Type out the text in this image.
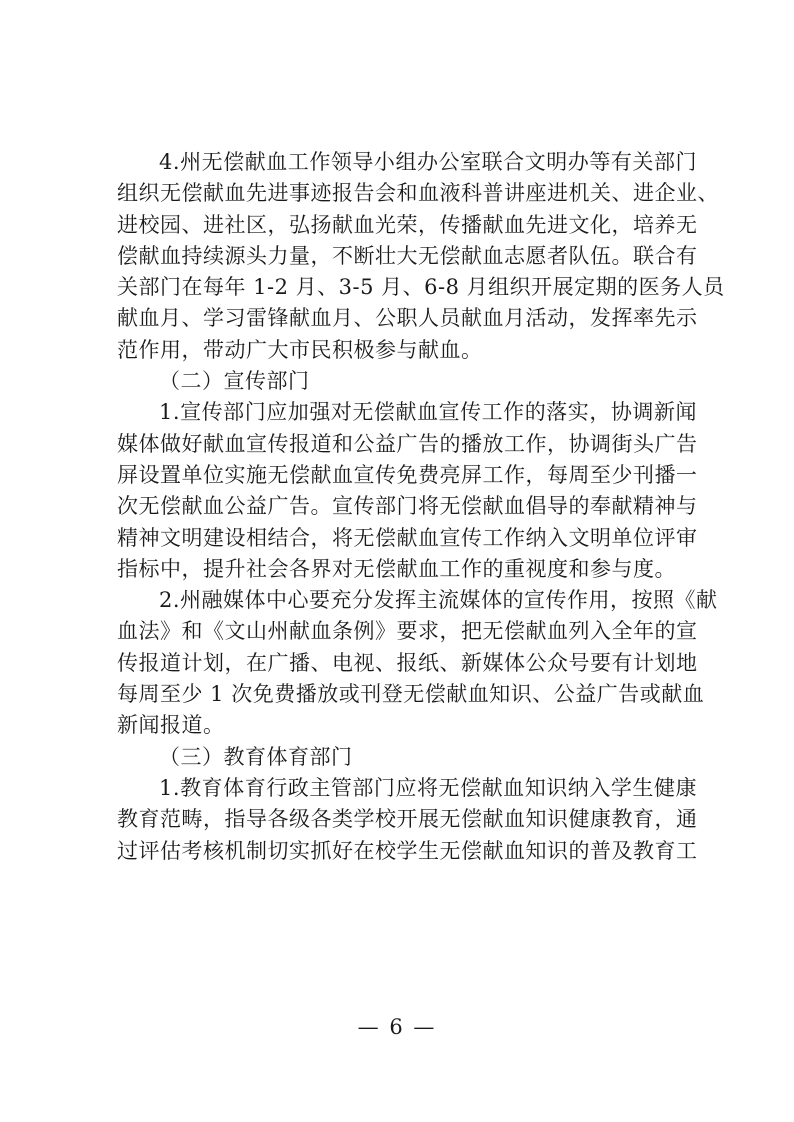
4.州无偿献血工作领导小组办公室联合文明办等有关部门
组织无偿献血先进事迹报告会和血液科普讲座进机关、进企业、
进校园、进社区，弘扬献血光荣，传播献血先进文化，培养无
偿献血持续源头力量，不断壮大无偿献血志愿者队伍。联合有
关部门在每年 1-2 月、3-5 月、6-8 月组织开展定期的医务人员
献血月、学习雷锋献血月、公职人员献血月活动，发挥率先示
范作用，带动广大市民积极参与献血。
（二）宣传部门
1.宣传部门应加强对无偿献血宣传工作的落实，协调新闻
媒体做好献血宣传报道和公益广告的播放工作，协调街头广告
屏设置单位实施无偿献血宣传免费亮屏工作，每周至少刊播一
次无偿献血公益广告。宣传部门将无偿献血倡导的奉献精神与
精神文明建设相结合，将无偿献血宣传工作纳入文明单位评审
指标中，提升社会各界对无偿献血工作的重视度和参与度。
2.州融媒体中心要充分发挥主流媒体的宣传作用，按照《献
血法》和《文山州献血条例》要求，把无偿献血列入全年的宣
传报道计划，在广播、电视、报纸、新媒体公众号要有计划地
每周至少 1 次免费播放或刊登无偿献血知识、公益广告或献血
新闻报道。
（三）教育体育部门
1.教育体育行政主管部门应将无偿献血知识纳入学生健康
教育范畴，指导各级各类学校开展无偿献血知识健康教育，通
过评估考核机制切实抓好在校学生无偿献血知识的普及教育工
— 6 —
